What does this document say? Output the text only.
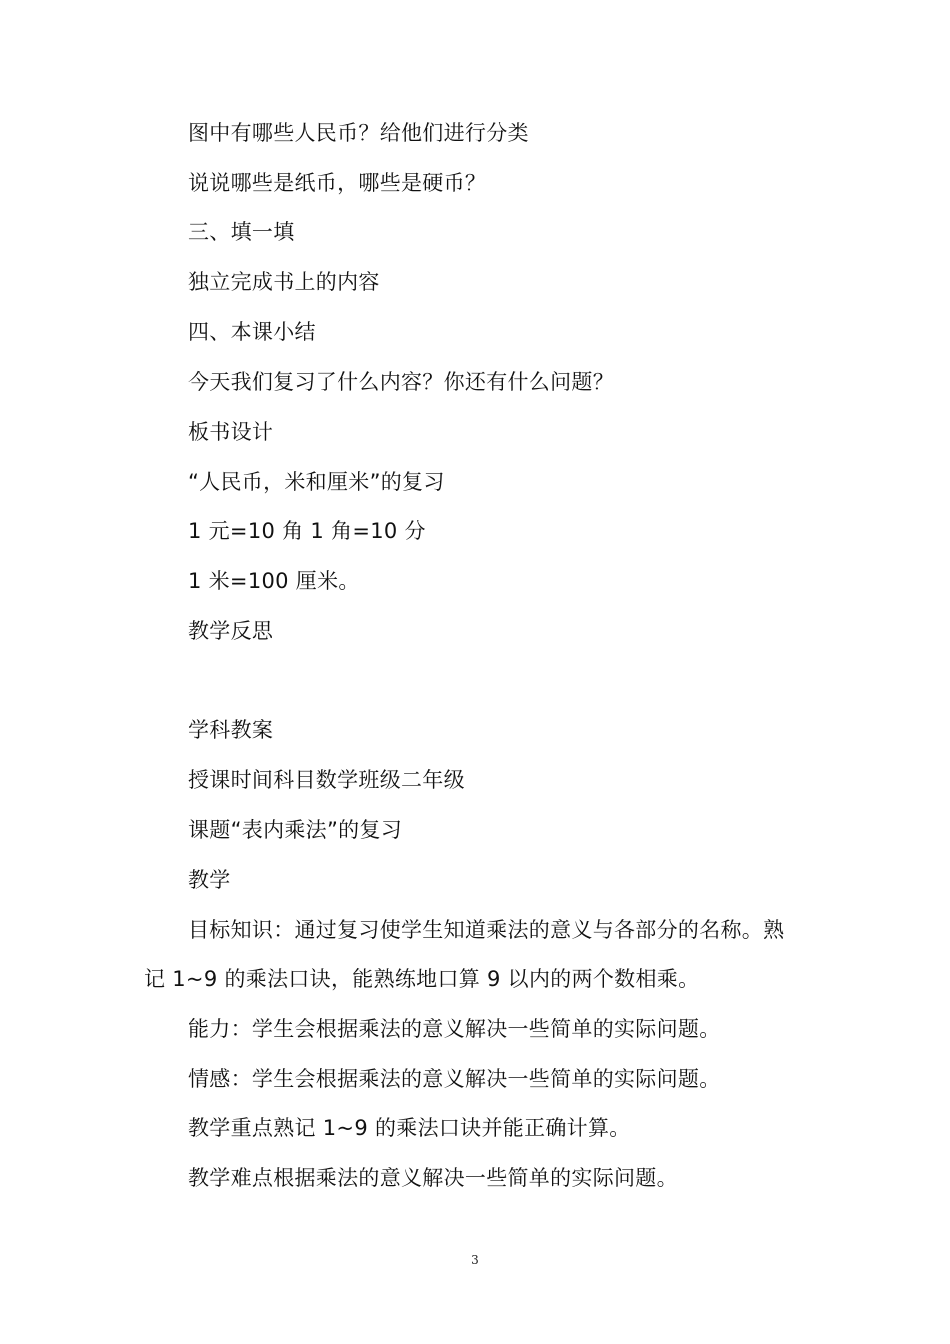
图中有哪些人民币？给他们进行分类
说说哪些是纸币，哪些是硬币？
三、填一填
独立完成书上的内容
四、本课小结
今天我们复习了什么内容？你还有什么问题？
板书设计
“人民币，米和厘米”的复习
1 元=10 角 1 角=10 分
1 米=100 厘米。
教学反思
学科教案
授课时间科目数学班级二年级
课题“表内乘法”的复习
教学
目标知识：通过复习使学生知道乘法的意义与各部分的名称。熟
记 1~9 的乘法口诀，能熟练地口算 9 以内的两个数相乘。
能力：学生会根据乘法的意义解决一些简单的实际问题。
情感：学生会根据乘法的意义解决一些简单的实际问题。
教学重点熟记 1~9 的乘法口诀并能正确计算。
教学难点根据乘法的意义解决一些简单的实际问题。
3
